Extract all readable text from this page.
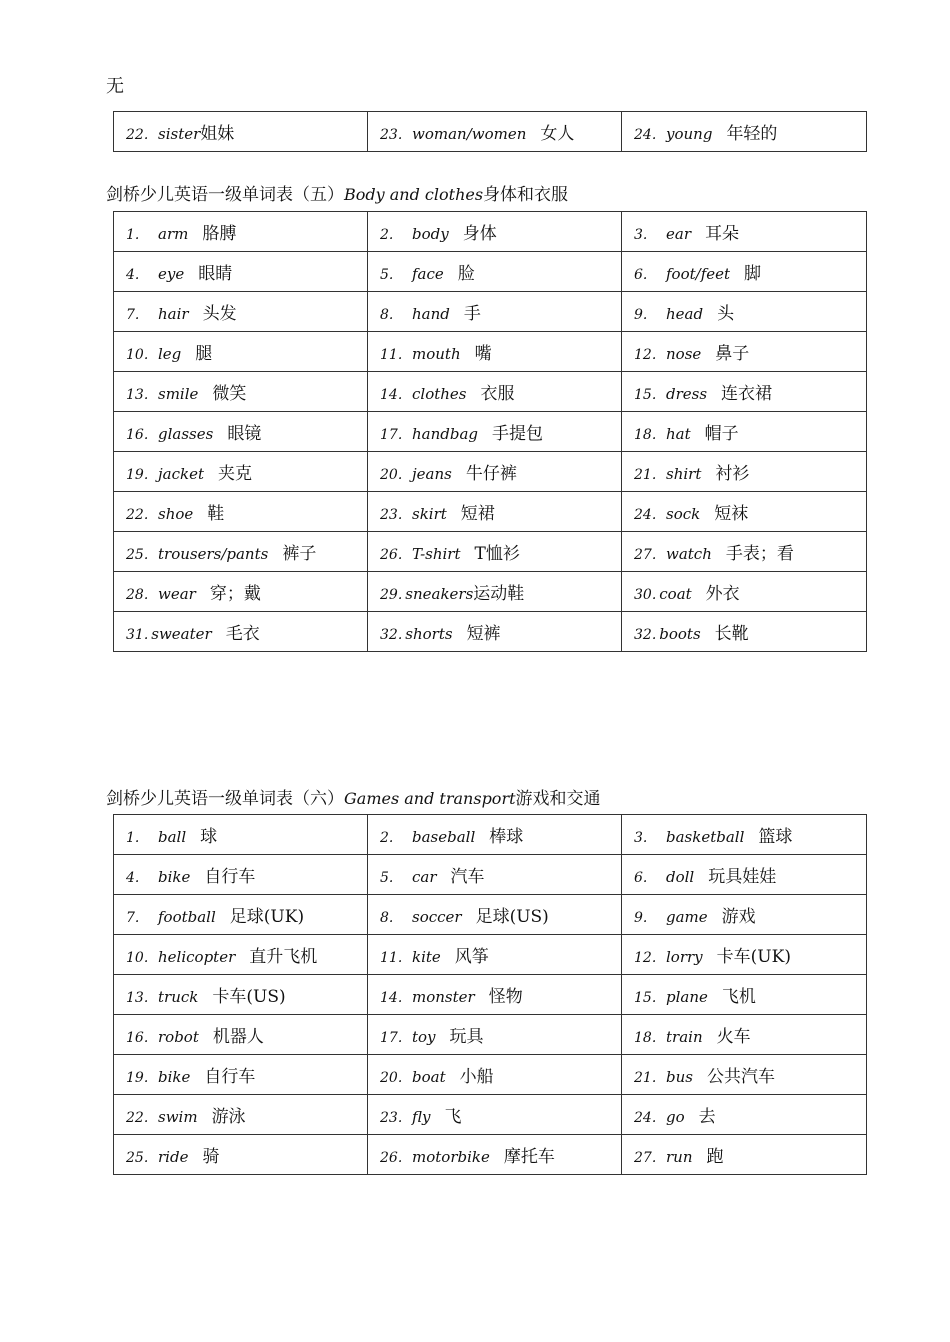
无
22. sister姐妹	23. woman/women 女人	24. young 年轻的
剑桥少儿英语一级单词表（五）Body and clothes身体和衣服
1. arm 胳膊	2. body 身体	3. ear 耳朵
4. eye 眼睛	5. face 脸	6. foot/feet 脚
7. hair 头发	8. hand 手	9. head 头
10. leg 腿	11. mouth 嘴	12. nose 鼻子
13. smile 微笑	14. clothes 衣服	15. dress 连衣裙
16. glasses 眼镜	17. handbag 手提包	18. hat 帽子
19. jacket 夹克	20. jeans 牛仔裤	21. shirt 衬衫
22. shoe 鞋	23. skirt 短裙	24. sock 短袜
25. trousers/pants 裤子	26. T-shirt T恤衫	27. watch 手表；看
28. wear 穿；戴	29. sneakers运动鞋	30. coat 外衣
31. sweater 毛衣	32. shorts 短裤	32. boots 长靴
剑桥少儿英语一级单词表（六）Games and transport游戏和交通
1. ball 球	2. baseball 棒球	3. basketball 篮球
4. bike 自行车	5. car 汽车	6. doll 玩具娃娃
7. football 足球(UK)	8. soccer 足球(US)	9. game 游戏
10. helicopter 直升飞机	11. kite 风筝	12. lorry 卡车(UK)
13. truck 卡车(US)	14. monster 怪物	15. plane 飞机
16. robot 机器人	17. toy 玩具	18. train 火车
19. bike 自行车	20. boat 小船	21. bus 公共汽车
22. swim 游泳	23. fly 飞	24. go 去
25. ride 骑	26. motorbike 摩托车	27. run 跑
